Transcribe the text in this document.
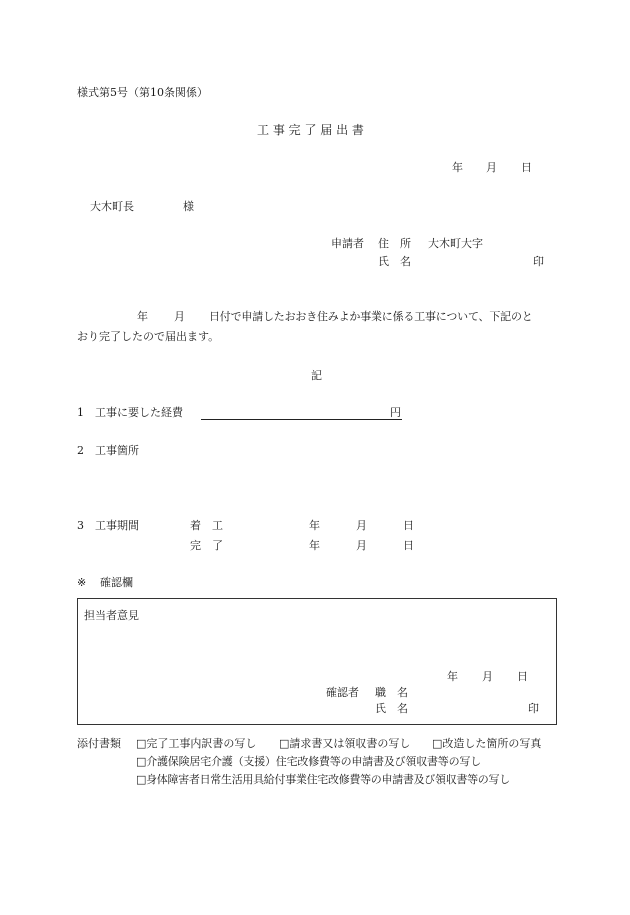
様式第5号（第10条関係）
工 事 完 了 届 出 書
年 月 日
大木町長	様
申請者 住　所 大木町大字
氏　名	印
年 月 日付で申請したおおき住みよか事業に係る工事について、下記のと
おり完了したので届出ます。
記
1 工事に要した経費	円
2 工事箇所
3 工事期間	着　工	年	月	日
完　了	年	月	日
※ 確認欄
担当者意見
年 月 日
確認者 職　名
氏　名	印
添付書類 □完了工事内訳書の写し □請求書又は領収書の写し □改造した箇所の写真
□介護保険居宅介護（支援）住宅改修費等の申請書及び領収書等の写し
□身体障害者日常生活用具給付事業住宅改修費等の申請書及び領収書等の写し
